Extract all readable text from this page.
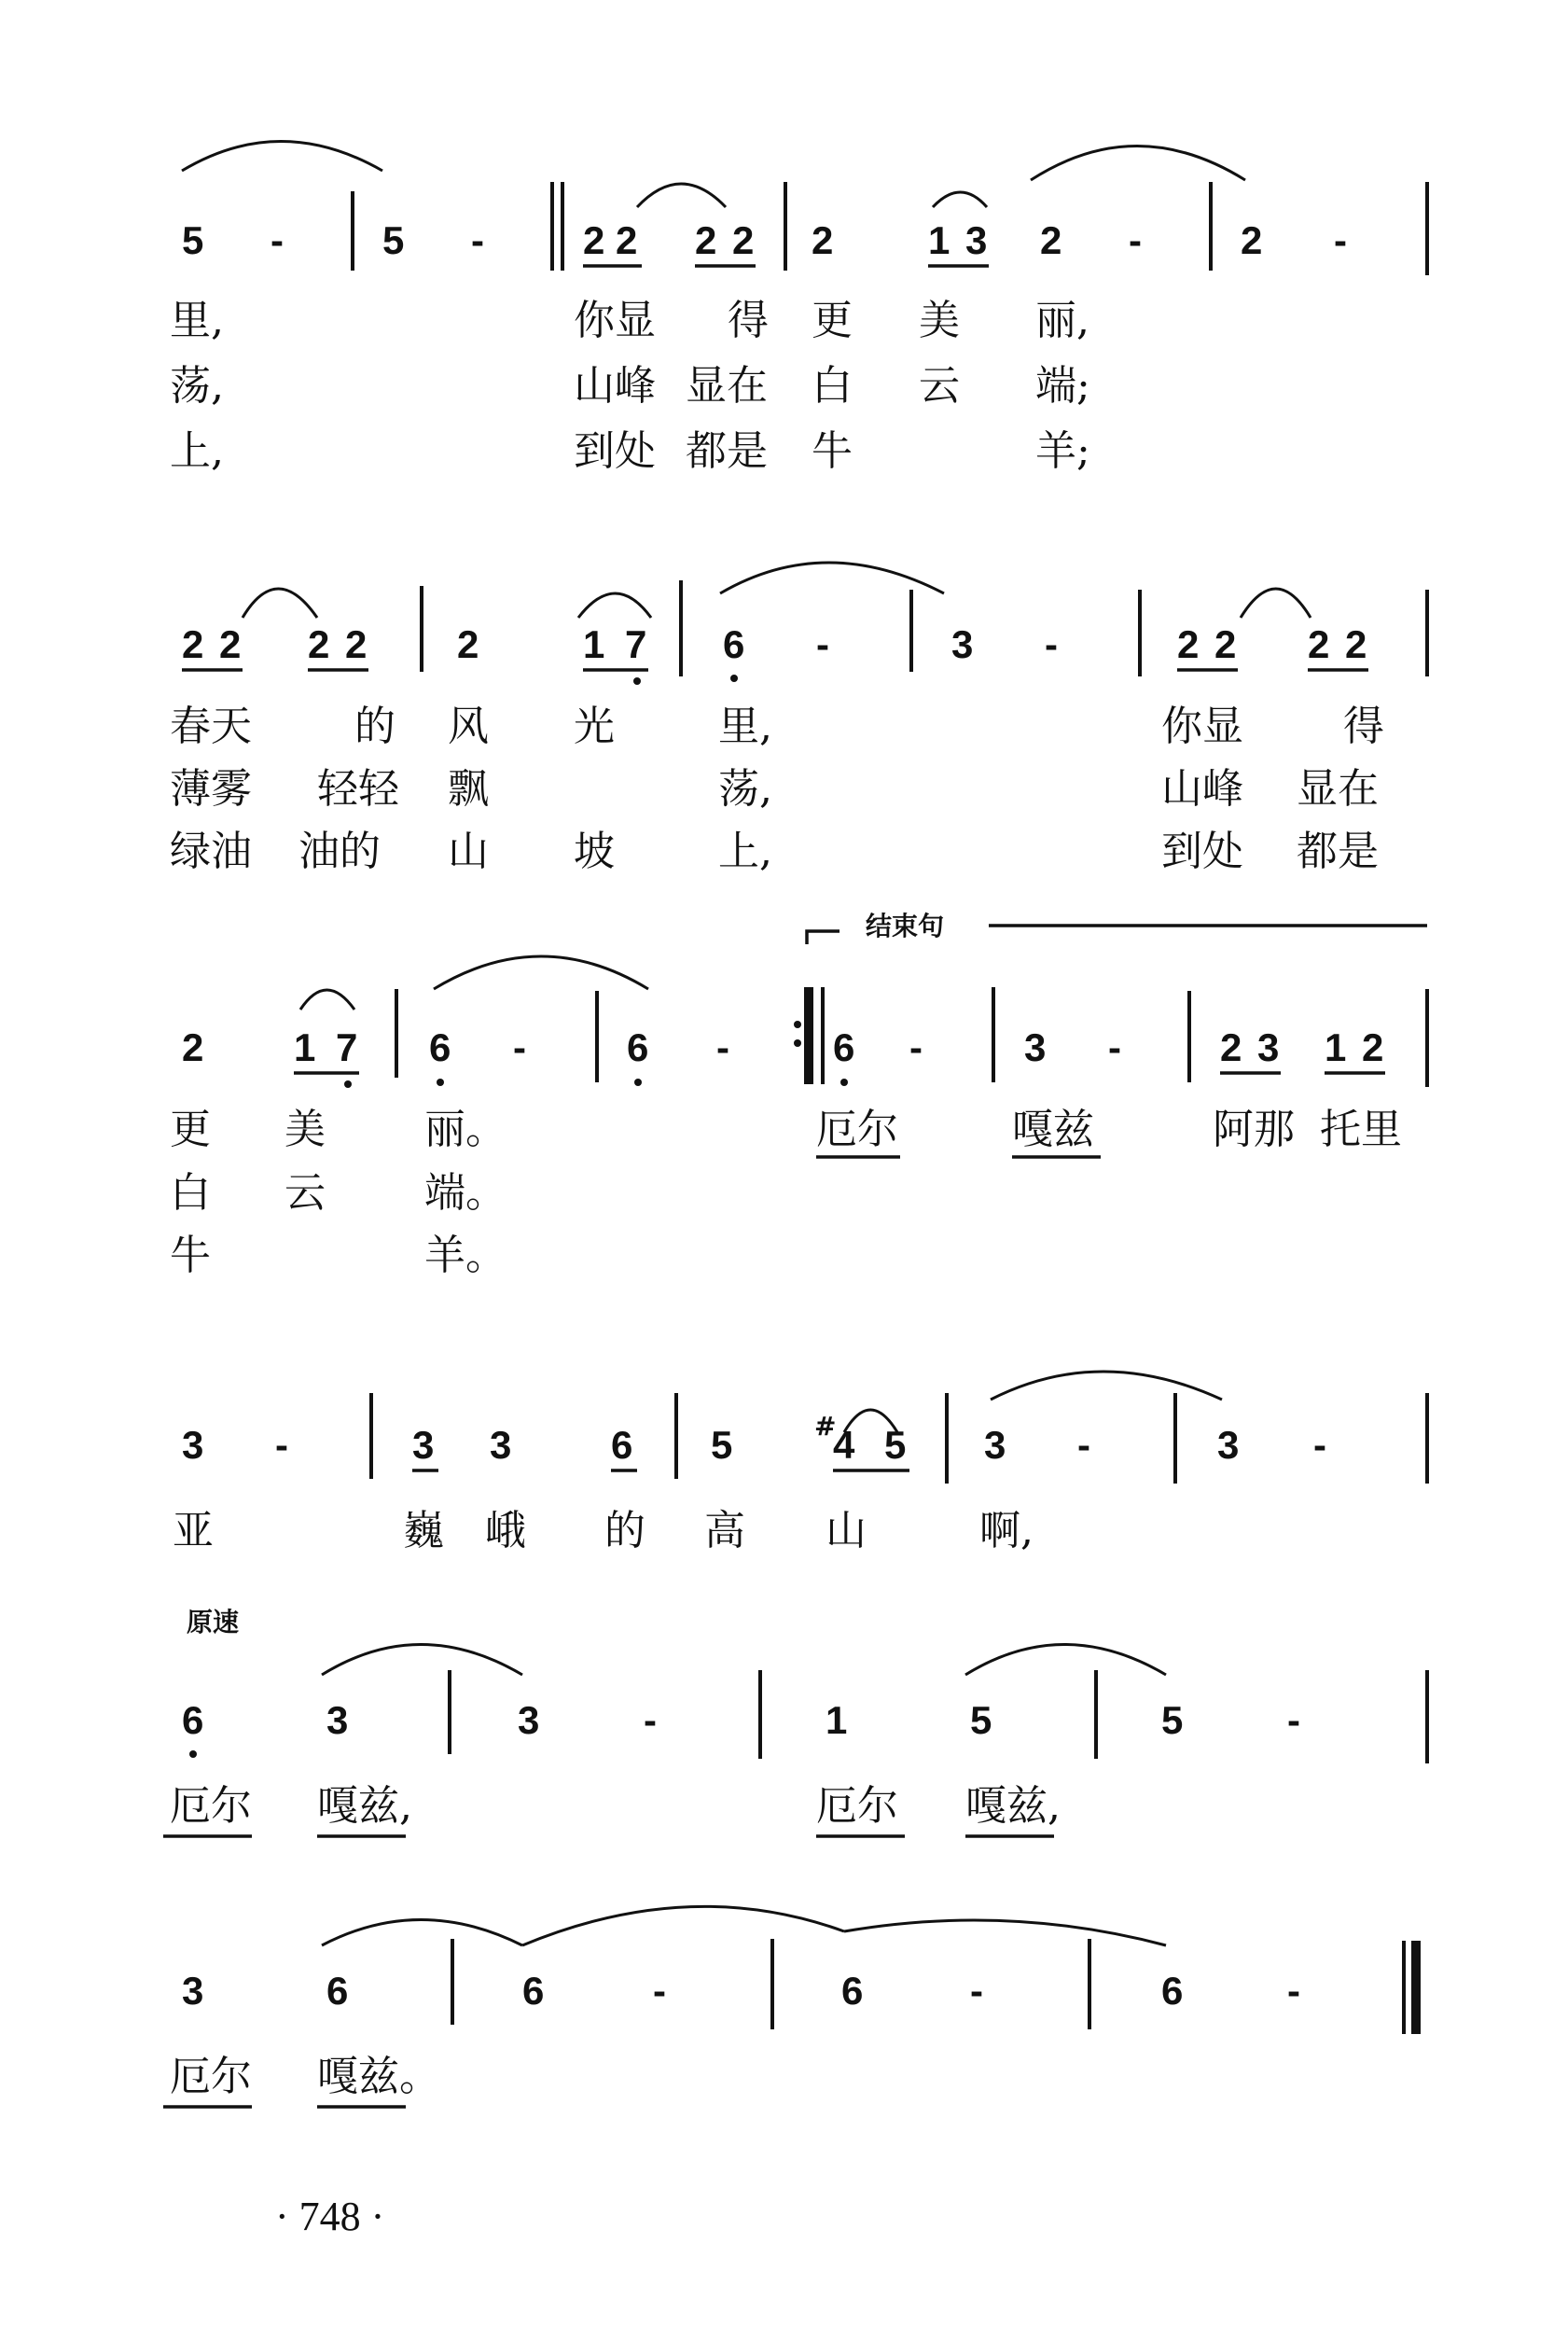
5 -	5 -	2 2 2 2 2 1 3 2 -	2 -
里,	你显 得 更 美 丽,
荡,	山峰 显在 白 云 端;
上,	到处 都是 牛	羊;
2 2 2 2 2	1 7 6 -	3 -	2 2 2 2
春天	的 风 光	里,	你显 得
薄雾 轻轻 飘	荡,	山峰 显在
绿油 油的 山 坡	上,	到处 都是
结束句
2 1 7 6 -	6 -	6 -	3 -	2 3 1 2
更 美 丽。	厄尔	嘎兹	阿那 托里
白 云 端。
牛	羊。
3 -	3 3	6 5	#
4 5 3 -	3 -
亚	巍 峨 的 高 山	啊,
原速
6	3	3	-	1	5	5	-
厄尔 嘎兹,	厄尔 嘎兹,
3	6	6	-	6	-	6	-
厄尔 嘎兹。
· 748 ·
